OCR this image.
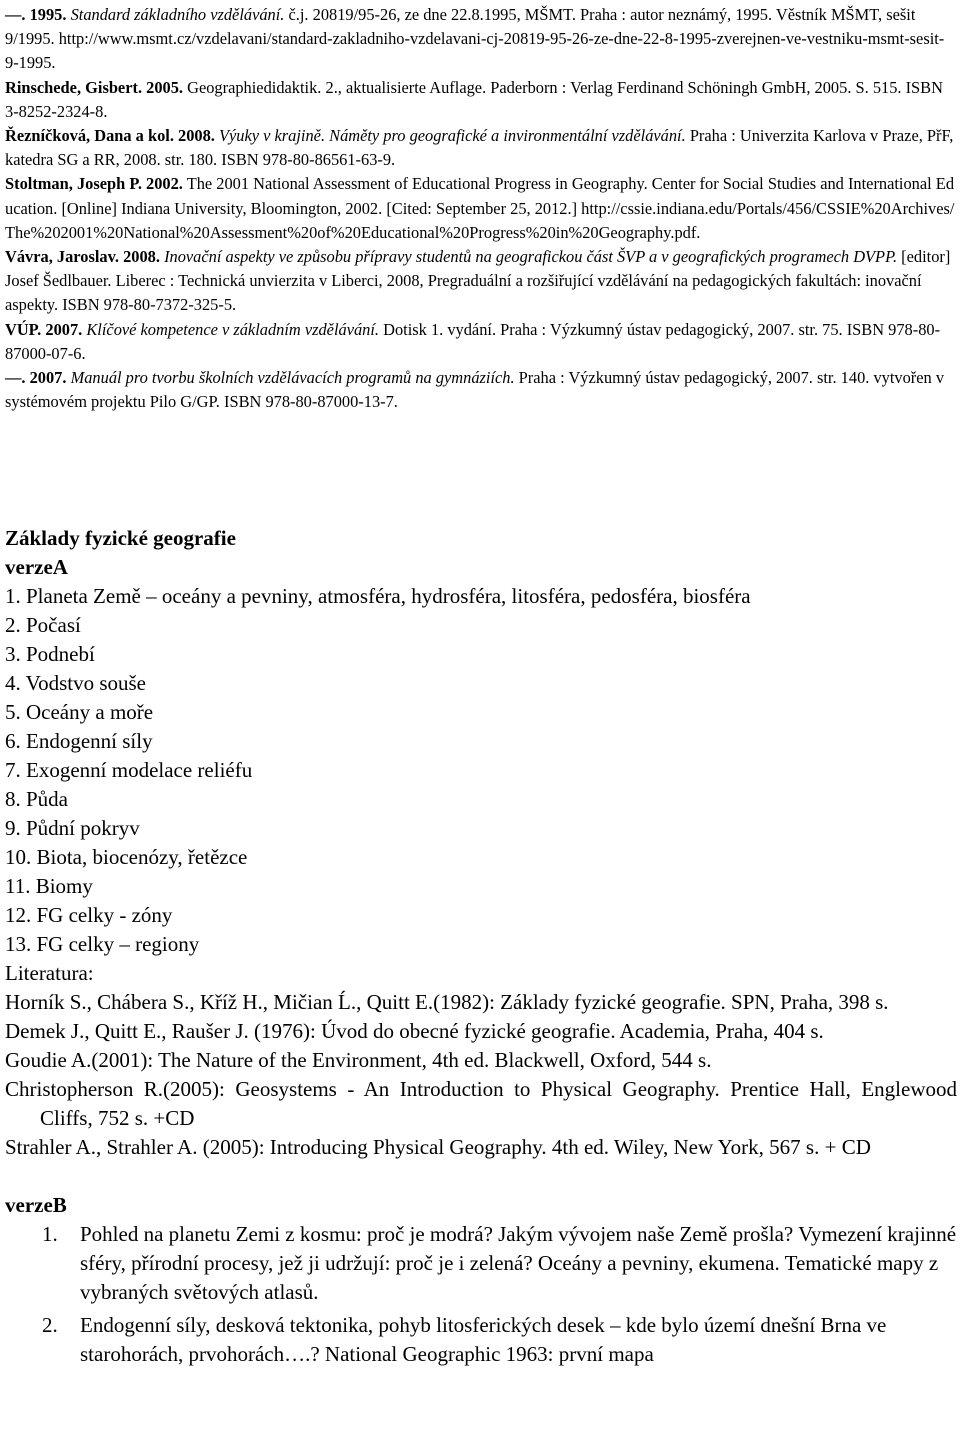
—. 1995. Standard základního vzdělávání. č.j. 20819/95-26, ze dne 22.8.1995, MŠMT. Praha : autor neznámý, 1995. Věstník MŠMT, sešit 9/1995. http://www.msmt.cz/vzdelavani/standard-zakladniho-vzdelavani-cj-20819-95-26-ze-dne-22-8-1995-zverejnen-ve-vestniku-msmt-sesit-9-1995.

Rinschede, Gisbert. 2005. Geographiedidaktik. 2., aktualisierte Auflage. Paderborn : Verlag Ferdinand Schöningh GmbH, 2005. S. 515. ISBN 3-8252-2324-8.

Řezníčková, Dana a kol. 2008. Výuky v krajině. Náměty pro geografické a invironmentální vzdělávání. Praha : Univerzita Karlova v Praze, PřF, katedra SG a RR, 2008. str. 180. ISBN 978-80-86561-63-9.

Stoltman, Joseph P. 2002. The 2001 National Assessment of Educational Progress in Geography. Center for Social Studies and International Education. [Online] Indiana University, Bloomington, 2002. [Cited: September 25, 2012.] http://cssie.indiana.edu/Portals/456/CSSIE%20Archives/The%202001%20National%20Assessment%20of%20Educational%20Progress%20in%20Geography.pdf.

Vávra, Jaroslav. 2008. Inovační aspekty ve způsobu přípravy studentů na geografickou část ŠVP a v geografických programech DVPP. [editor] Josef Šedlbauer. Liberec : Technická unvierzita v Liberci, 2008, Pregraduální a rozšiřující vzdělávání na pedagogických fakultách: inovační aspekty. ISBN 978-80-7372-325-5.

VÚP. 2007. Klíčové kompetence v základním vzdělávání. Dotisk 1. vydání. Praha : Výzkumný ústav pedagogický, 2007. str. 75. ISBN 978-80-87000-07-6.

—. 2007. Manuál pro tvorbu školních vzdělávacích programů na gymnáziích. Praha : Výzkumný ústav pedagogický, 2007. str. 140. vytvořen v systémovém projektu Pilo G/GP. ISBN 978-80-87000-13-7.

Základy fyzické geografie

verzeA

1. Planeta Země – oceány a pevniny, atmosféra, hydrosféra, litosféra, pedosféra, biosféra
2. Počasí
3. Podnebí
4. Vodstvo souše
5. Oceány a moře
6. Endogenní síly
7. Exogenní modelace reliéfu
8. Půda
9. Půdní pokryv
10. Biota, biocenózy, řetězce
11. Biomy
12. FG celky - zóny
13. FG celky – regiony

Literatura:

Horník S., Chábera S., Kříž H., Mičian Ĺ., Quitt E.(1982): Základy fyzické geografie. SPN, Praha, 398 s.

Demek J., Quitt E., Raušer J. (1976): Úvod do obecné fyzické geografie. Academia, Praha, 404 s.

Goudie A.(2001): The Nature of the Environment, 4th ed. Blackwell, Oxford, 544 s.

Christopherson R.(2005): Geosystems - An Introduction to Physical Geography. Prentice Hall, Englewood Cliffs, 752 s. +CD

Strahler A., Strahler A. (2005): Introducing Physical Geography. 4th ed. Wiley, New York, 567 s. + CD

verzeB

1. Pohled na planetu Zemi z kosmu: proč je modrá? Jakým vývojem naše Země prošla? Vymezení krajinné sféry, přírodní procesy, jež ji udržují: proč je i zelená? Oceány a pevniny, ekumena. Tematické mapy z vybraných světových atlasů.
2. Endogenní síly, desková tektonika, pohyb litosferických desek – kde bylo území dnešní Brna ve starohorách, prvohorách….? National Geographic 1963: první mapa
